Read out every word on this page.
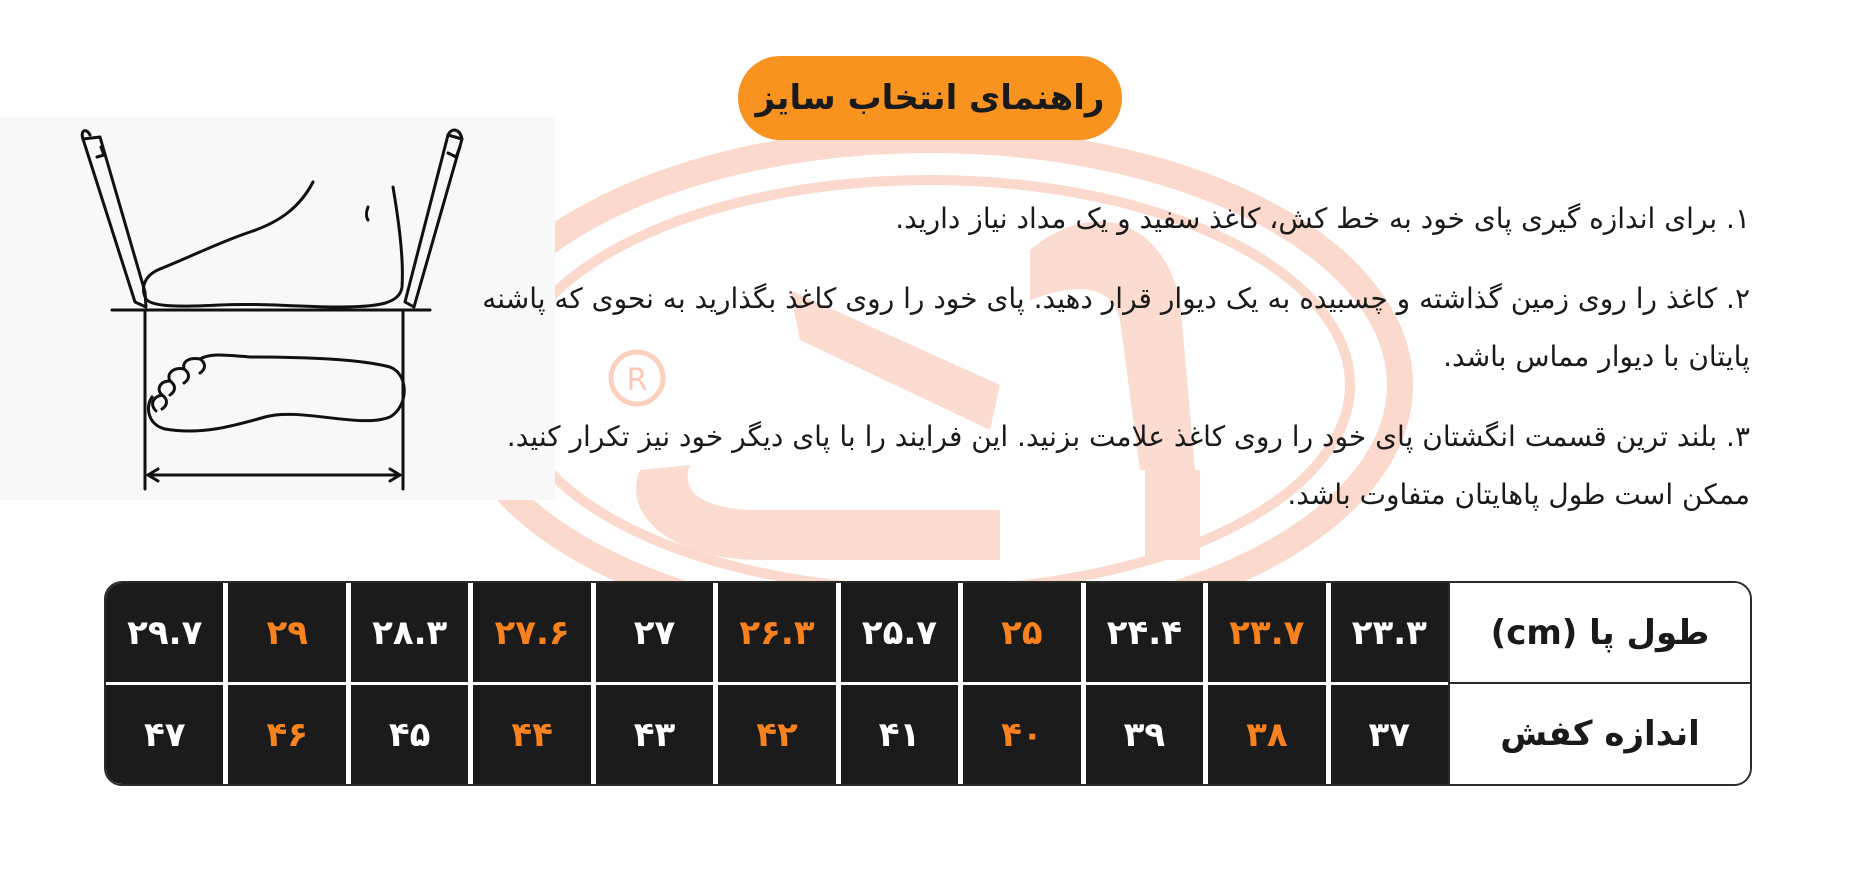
R
راهنمای انتخاب سایز

۱. برای اندازه گیری پای خود به خط کش، کاغذ سفید و یک مداد نیاز دارید.

۲. کاغذ را روی زمین گذاشته و چسبیده به یک دیوار قرار دهید. پای خود را روی کاغذ بگذارید به نحوی که پاشنه پایتان با دیوار مماس باشد.

۳. بلند ترین قسمت انگشتان پای خود را روی کاغذ علامت بزنید. این فرایند را با پای دیگر خود نیز تکرار کنید. ممکن است طول پاهایتان متفاوت باشد.

طول پا (cm)
۲۳.۳
۲۳.۷
۲۴.۴
۲۵
۲۵.۷
۲۶.۳
۲۷
۲۷.۶
۲۸.۳
۲۹
۲۹.۷
اندازه کفش
۳۷
۳۸
۳۹
۴۰
۴۱
۴۲
۴۳
۴۴
۴۵
۴۶
۴۷
